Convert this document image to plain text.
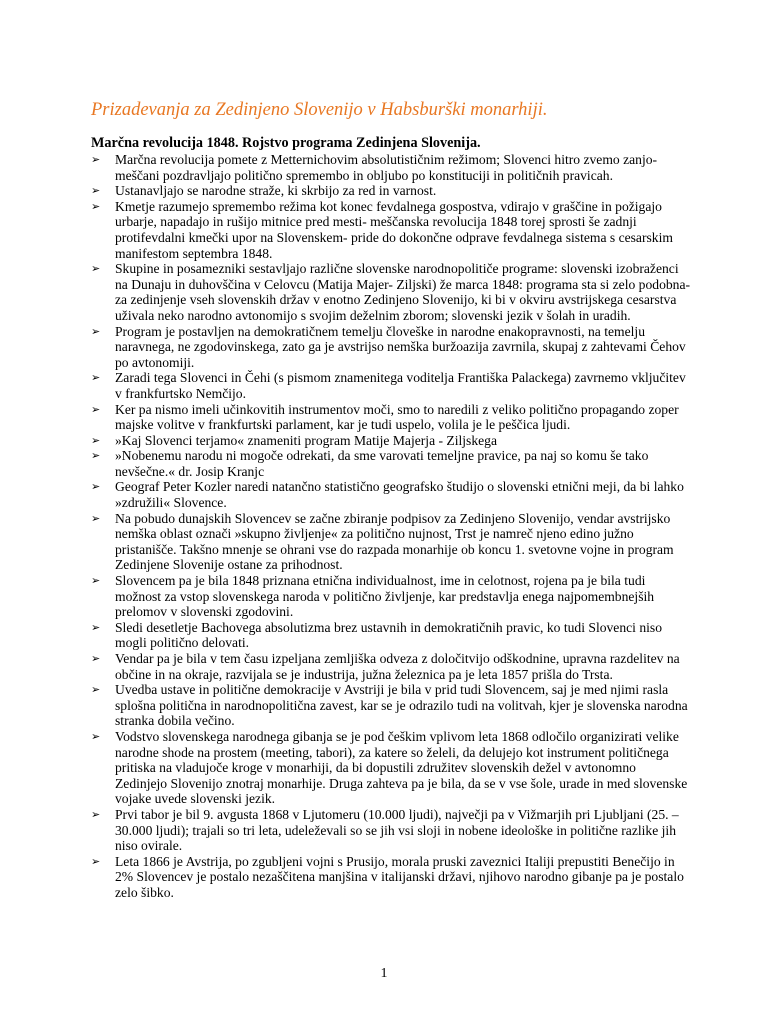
Prizadevanja za Zedinjeno Slovenijo v Habsburški monarhiji.
Marčna revolucija 1848. Rojstvo programa Zedinjena Slovenija.
➢	Marčna revolucija pomete z Metternichovim absolutističnim režimom; Slovenci hitro zvemo zanjo- meščani pozdravljajo politično spremembo in obljubo po konstituciji in političnih pravicah.
➢	Ustanavljajo se narodne straže, ki skrbijo za red in varnost.
➢	Kmetje razumejo spremembo režima kot konec fevdalnega gospostva, vdirajo v graščine in požigajo urbarje, napadajo in rušijo mitnice pred mesti- meščanska revolucija 1848 torej sprosti še zadnji protifevdalni kmečki upor na Slovenskem- pride do dokončne odprave fevdalnega sistema s cesarskim manifestom septembra 1848.
➢	Skupine in posamezniki sestavljajo različne slovenske narodnopolitiče programe: slovenski izobraženci na Dunaju in duhovščina v Celovcu (Matija Majer- Ziljski) že marca 1848: programa sta si zelo podobna- za zedinjenje vseh slovenskih držav v enotno Zedinjeno Slovenijo, ki bi v okviru avstrijskega cesarstva uživala neko narodno avtonomijo s svojim deželnim zborom; slovenski jezik v šolah in uradih.
➢	Program je postavljen na demokratičnem temelju človeške in narodne enakopravnosti, na temelju naravnega, ne zgodovinskega, zato ga je avstrijso nemška buržoazija zavrnila, skupaj z zahtevami Čehov po avtonomiji.
➢	Zaradi tega Slovenci in Čehi (s pismom znamenitega voditelja Františka Palackega) zavrnemo vključitev v frankfurtsko Nemčijo.
➢	Ker pa nismo imeli učinkovitih instrumentov moči, smo to naredili z veliko politično propagando zoper majske volitve v frankfurtski parlament, kar je tudi uspelo, volila je le peščica ljudi.
➢	»Kaj Slovenci terjamo« znameniti program Matije Majerja - Ziljskega
➢	»Nobenemu narodu ni mogoče odrekati, da sme varovati temeljne pravice, pa naj so komu še tako nevšečne.« dr. Josip Kranjc
➢	Geograf Peter Kozler naredi natančno statistično geografsko študijo o slovenski etnični meji, da bi lahko »združili« Slovence.
➢	Na pobudo dunajskih Slovencev se začne zbiranje podpisov za Zedinjeno Slovenijo, vendar avstrijsko nemška oblast označi »skupno življenje« za politično nujnost, Trst je namreč njeno edino južno pristanišče. Takšno mnenje se ohrani vse do razpada monarhije ob koncu 1. svetovne vojne in program Zedinjene Slovenije ostane za prihodnost.
➢	Slovencem pa je bila 1848 priznana etnična individualnost, ime in celotnost, rojena pa je bila tudi možnost za vstop slovenskega naroda v politično življenje, kar predstavlja enega najpomembnejših prelomov v slovenski zgodovini.
➢	Sledi desetletje Bachovega absolutizma brez ustavnih in demokratičnih pravic, ko tudi Slovenci niso mogli politično delovati.
➢	Vendar pa je bila v tem času izpeljana zemljiška odveza z določitvijo odškodnine, upravna razdelitev na občine in na okraje, razvijala se je industrija, južna železnica pa je leta 1857 prišla do Trsta.
➢	Uvedba ustave in politične demokracije v Avstriji je bila v prid tudi Slovencem, saj je med njimi rasla splošna politična in narodnopolitična zavest, kar se je odrazilo tudi na volitvah, kjer je slovenska narodna stranka dobila večino.
➢	Vodstvo slovenskega narodnega gibanja se je pod češkim vplivom leta 1868 odločilo organizirati velike narodne shode na prostem (meeting, tabori), za katere so želeli, da delujejo kot instrument političnega pritiska na vladujoče kroge v monarhiji, da bi dopustili združitev slovenskih dežel v avtonomno Zedinjejo Slovenijo znotraj monarhije. Druga zahteva pa je bila, da se v vse šole, urade in med slovenske vojake uvede slovenski jezik.
➢	Prvi tabor je bil 9. avgusta 1868 v Ljutomeru (10.000 ljudi), največji pa v Vižmarjih pri Ljubljani (25. – 30.000 ljudi); trajali so tri leta, udeleževali so se jih vsi sloji in nobene ideološke in politične razlike jih niso ovirale.
➢	Leta 1866 je Avstrija, po zgubljeni vojni s Prusijo, morala pruski zaveznici Italiji prepustiti Benečijo in 2% Slovencev je postalo nezaščitena manjšina v italijanski državi, njihovo narodno gibanje pa je postalo zelo šibko.
1
